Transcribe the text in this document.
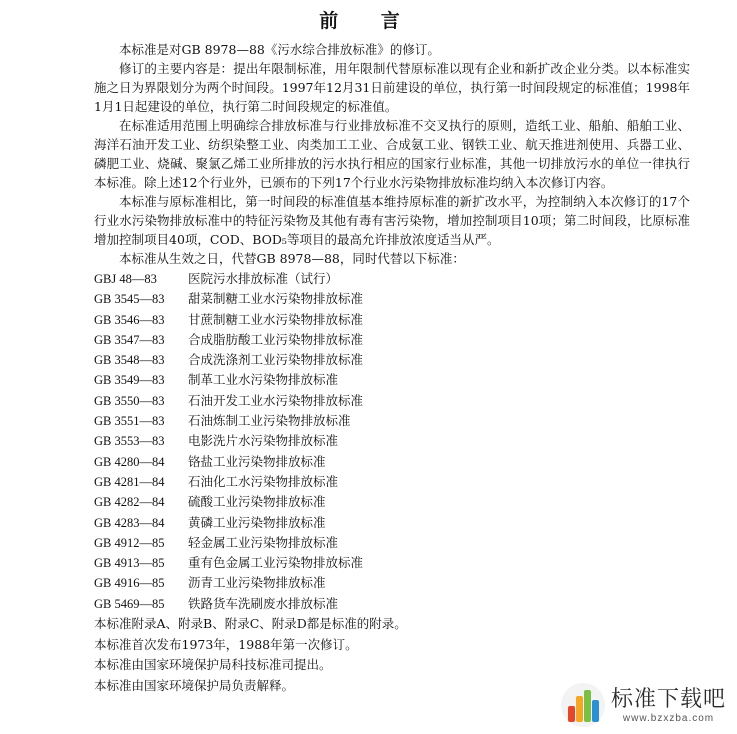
前 言

本标准是对GB 8978—88《污水综合排放标准》的修订。

修订的主要内容是：提出年限制标准，用年限制代替原标准以现有企业和新扩改企业分类。以本标准实施之日为界限划分为两个时间段。1997年12月31日前建设的单位，执行第一时间段规定的标准值；1998年1月1日起建设的单位，执行第二时间段规定的标准值。

在标准适用范围上明确综合排放标准与行业排放标准不交叉执行的原则，造纸工业、船舶、船舶工业、海洋石油开发工业、纺织染整工业、肉类加工工业、合成氨工业、钢铁工业、航天推进剂使用、兵器工业、磷肥工业、烧碱、聚氯乙烯工业所排放的污水执行相应的国家行业标准，其他一切排放污水的单位一律执行本标准。除上述12个行业外，已颁布的下列17个行业水污染物排放标准均纳入本次修订内容。

本标准与原标准相比，第一时间段的标准值基本维持原标准的新扩改水平，为控制纳入本次修订的17个行业水污染物排放标准中的特征污染物及其他有毒有害污染物，增加控制项目10项；第二时间段，比原标准增加控制项目40项，COD、BOD₅等项目的最高允许排放浓度适当从严。

本标准从生效之日，代替GB 8978—88，同时代替以下标准：

GBJ 48—83 医院污水排放标准（试行）
GB 3545—83 甜菜制糖工业水污染物排放标准
GB 3546—83 甘蔗制糖工业水污染物排放标准
GB 3547—83 合成脂肪酸工业污染物排放标准
GB 3548—83 合成洗涤剂工业污染物排放标准
GB 3549—83 制革工业水污染物排放标准
GB 3550—83 石油开发工业水污染物排放标准
GB 3551—83 石油炼制工业污染物排放标准
GB 3553—83 电影洗片水污染物排放标准
GB 4280—84 铬盐工业污染物排放标准
GB 4281—84 石油化工水污染物排放标准
GB 4282—84 硫酸工业污染物排放标准
GB 4283—84 黄磷工业污染物排放标准
GB 4912—85 轻金属工业污染物排放标准
GB 4913—85 重有色金属工业污染物排放标准
GB 4916—85 沥青工业污染物排放标准
GB 5469—85 铁路货车洗刷废水排放标准

本标准附录A、附录B、附录C、附录D都是标准的附录。

本标准首次发布1973年，1988年第一次修订。

本标准由国家环境保护局科技标准司提出。

本标准由国家环境保护局负责解释。

标准下载吧
www.bzxzba.com
